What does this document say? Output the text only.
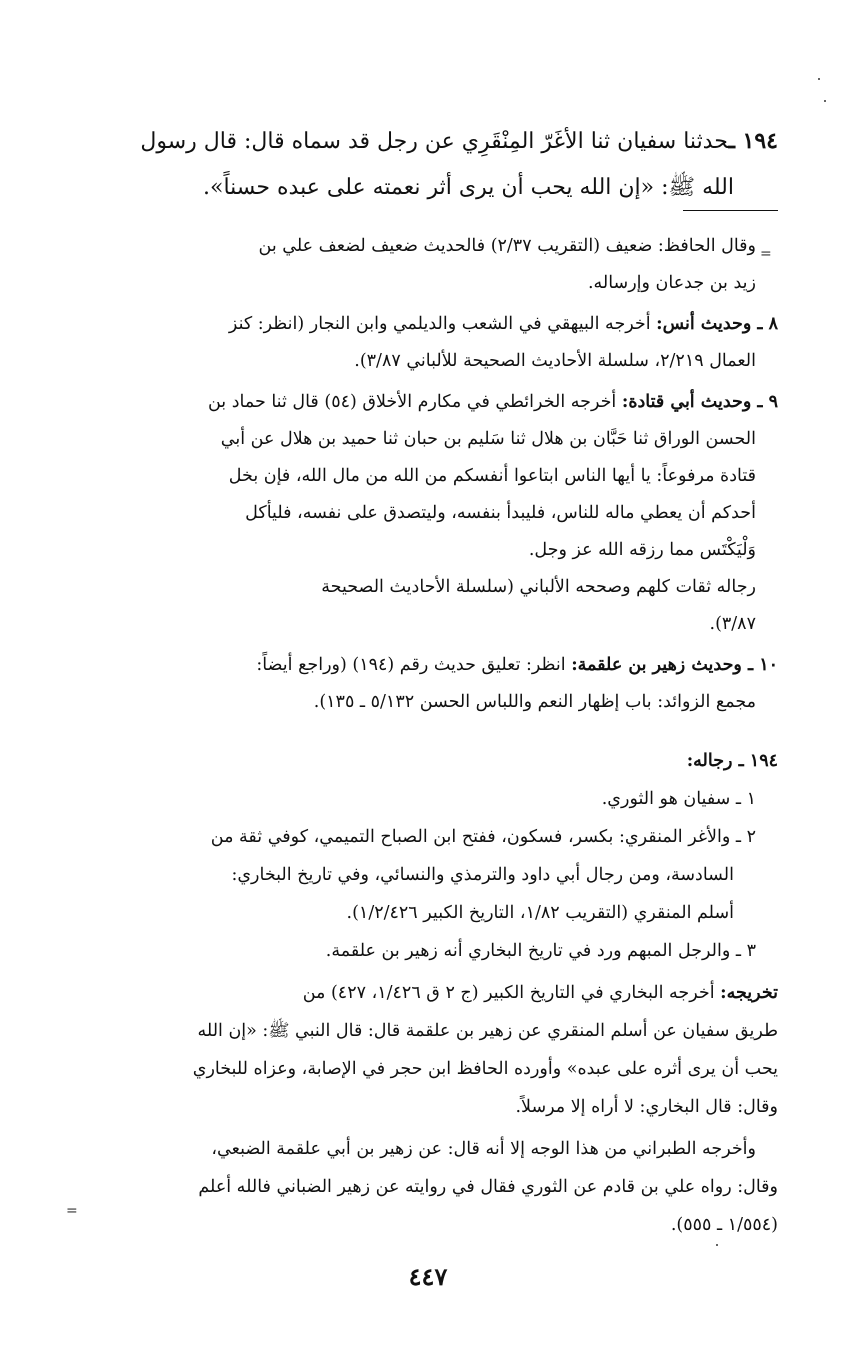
١٩٤ ـحدثنا سفيان ثنا الأغَرّ المِنْقَرِي عن رجل قد سماه قال: قال رسول

الله ﷺ: «إن الله يحب أن يرى أثر نعمته على عبده حسناً».

وقال الحافظ: ضعيف (التقريب ٢/٣٧) فالحديث ضعيف لضعف علي بن

زيد بن جدعان وإرساله.

٨ ـ وحديث أنس: أخرجه البيهقي في الشعب والديلمي وابن النجار (انظر: كنز

العمال ٢/٢١٩، سلسلة الأحاديث الصحيحة للألباني ٣/٨٧).

٩ ـ وحديث أبي قتادة: أخرجه الخرائطي في مكارم الأخلاق (٥٤) قال ثنا حماد بن

الحسن الوراق ثنا حَبَّان بن هلال ثنا سَليم بن حبان ثنا حميد بن هلال عن أبي

قتادة مرفوعاً: يا أيها الناس ابتاعوا أنفسكم من الله من مال الله، فإن بخل

أحدكم أن يعطي ماله للناس، فليبدأ بنفسه، وليتصدق على نفسه، فليأكل

وَلْيَكْتَس مما رزقه الله عز وجل.

رجاله ثقات كلهم وصححه الألباني (سلسلة الأحاديث الصحيحة

٣/٨٧).

١٠ ـ وحديث زهير بن علقمة: انظر: تعليق حديث رقم (١٩٤) (وراجع أيضاً:

مجمع الزوائد: باب إظهار النعم واللباس الحسن ٥/١٣٢ ـ ١٣٥).

١٩٤ ـ رجاله:

١ ـ سفيان هو الثوري.

٢ ـ والأغر المنقري: بكسر، فسكون، ففتح ابن الصباح التميمي، كوفي ثقة من

السادسة، ومن رجال أبي داود والترمذي والنسائي، وفي تاريخ البخاري:

أسلم المنقري (التقريب ١/٨٢، التاريخ الكبير ١/٢/٤٢٦).

٣ ـ والرجل المبهم ورد في تاريخ البخاري أنه زهير بن علقمة.

تخريجه: أخرجه البخاري في التاريخ الكبير (ج ٢ ق ١/٤٢٦، ٤٢٧) من

طريق سفيان عن أسلم المنقري عن زهير بن علقمة قال: قال النبي ﷺ: «إن الله

يحب أن يرى أثره على عبده» وأورده الحافظ ابن حجر في الإصابة، وعزاه للبخاري

وقال: قال البخاري: لا أراه إلا مرسلاً.

وأخرجه الطبراني من هذا الوجه إلا أنه قال: عن زهير بن أبي علقمة الضبعي،

وقال: رواه علي بن قادم عن الثوري فقال في روايته عن زهير الضباني فالله أعلم

(١/٥٥٤ ـ ٥٥٥).

٤٤٧
=
=
